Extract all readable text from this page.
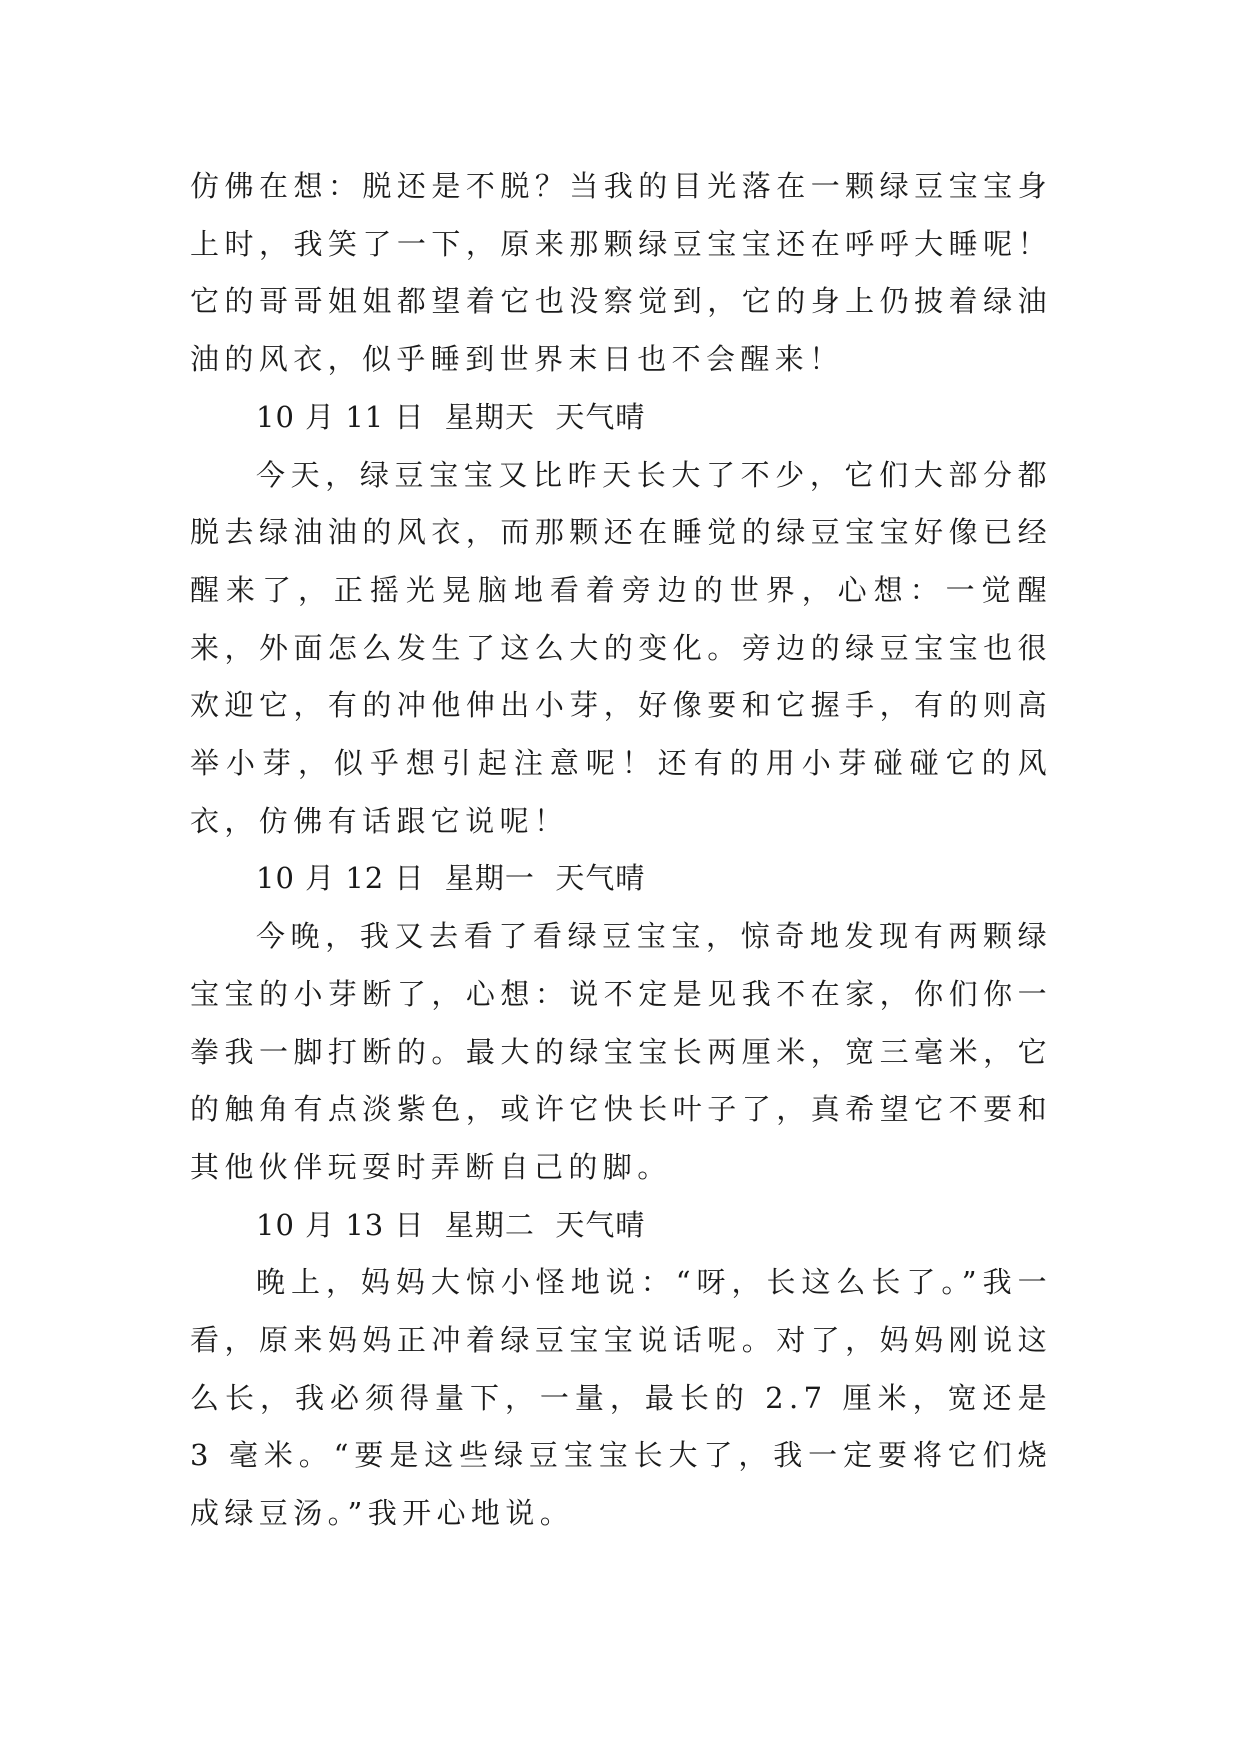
仿佛在想：脱还是不脱？当我的目光落在一颗绿豆宝宝身上时，我笑了一下，原来那颗绿豆宝宝还在呼呼大睡呢！它的哥哥姐姐都望着它也没察觉到，它的身上仍披着绿油油的风衣，似乎睡到世界末日也不会醒来！

10 月 11 日  星期天  天气晴

今天，绿豆宝宝又比昨天长大了不少，它们大部分都脱去绿油油的风衣，而那颗还在睡觉的绿豆宝宝好像已经醒来了，正摇光晃脑地看着旁边的世界，心想：一觉醒来，外面怎么发生了这么大的变化。旁边的绿豆宝宝也很欢迎它，有的冲他伸出小芽，好像要和它握手，有的则高举小芽，似乎想引起注意呢！还有的用小芽碰碰它的风衣，仿佛有话跟它说呢！

10 月 12 日  星期一  天气晴

今晚，我又去看了看绿豆宝宝，惊奇地发现有两颗绿宝宝的小芽断了，心想：说不定是见我不在家，你们你一拳我一脚打断的。最大的绿宝宝长两厘米，宽三毫米，它的触角有点淡紫色，或许它快长叶子了，真希望它不要和其他伙伴玩耍时弄断自己的脚。

10 月 13 日  星期二  天气晴

晚上，妈妈大惊小怪地说：“呀，长这么长了。”我一看，原来妈妈正冲着绿豆宝宝说话呢。对了，妈妈刚说这么长，我必须得量下，一量，最长的 2.7 厘米，宽还是 3 毫米。“要是这些绿豆宝宝长大了，我一定要将它们烧成绿豆汤。”我开心地说。
